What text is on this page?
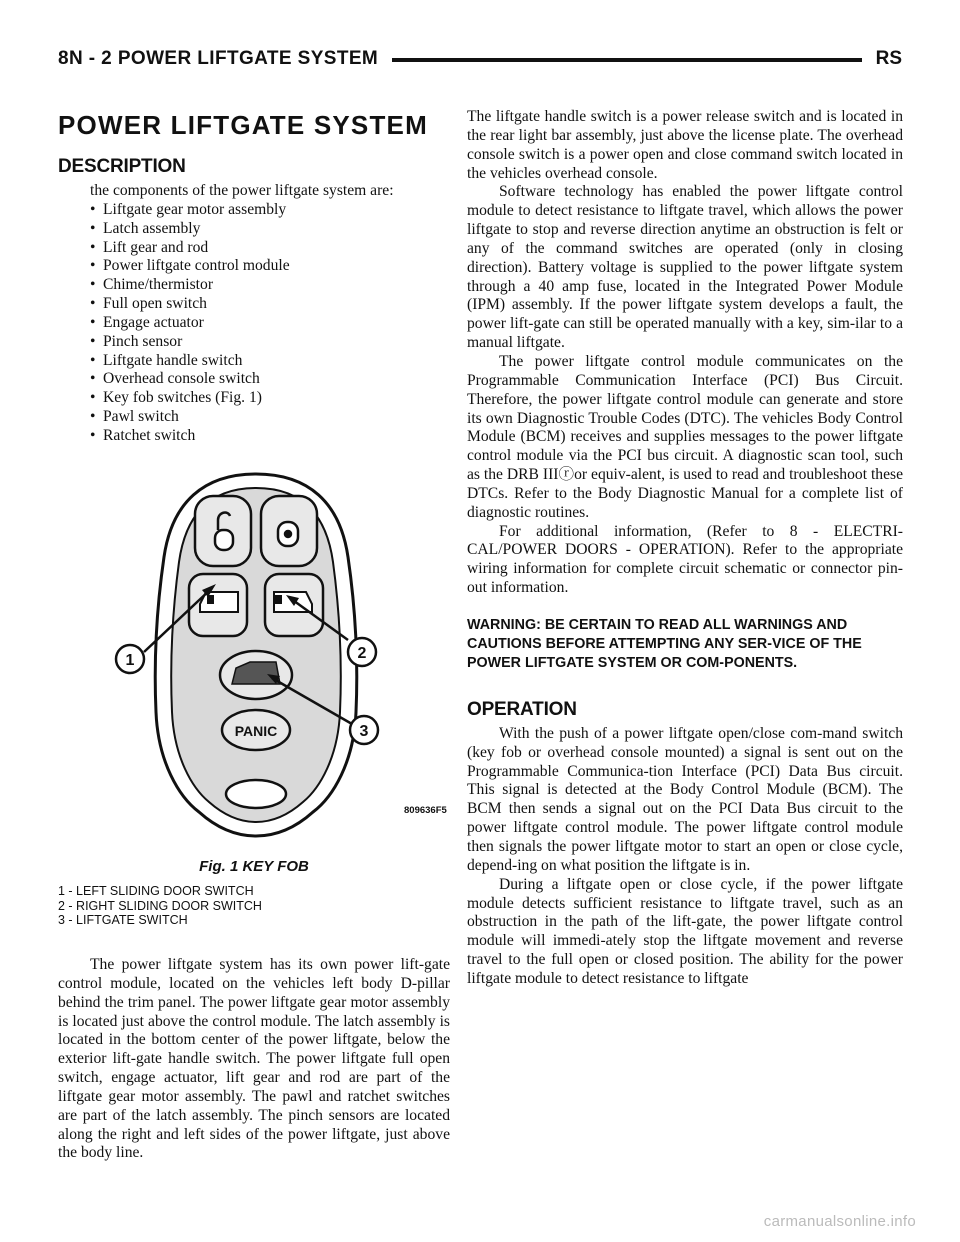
8N - 2 POWER LIFTGATE SYSTEM	RS
POWER LIFTGATE SYSTEM
DESCRIPTION

the components of the power liftgate system are:

• Liftgate gear motor assembly
• Latch assembly
• Lift gear and rod
• Power liftgate control module
• Chime/thermistor
• Full open switch
• Engage actuator
• Pinch sensor
• Liftgate handle switch
• Overhead console switch
• Key fob switches (Fig. 1)
• Pawl switch
• Ratchet switch
PANIC
1	2
3
809636F5
Fig. 1 KEY FOB
1 - LEFT SLIDING DOOR SWITCH
2 - RIGHT SLIDING DOOR SWITCH
3 - LIFTGATE SWITCH

The power liftgate system has its own power lift-gate control module, located on the vehicles left body D-pillar behind the trim panel. The power liftgate gear motor assembly is located just above the control module. The latch assembly is located in the bottom center of the power liftgate, below the exterior lift-gate handle switch. The power liftgate full open switch, engage actuator, lift gear and rod are part of the liftgate gear motor assembly. The pawl and ratchet switches are part of the latch assembly. The pinch sensors are located along the right and left sides of the power liftgate, just above the body line.

The liftgate handle switch is a power release switch and is located in the rear light bar assembly, just above the license plate. The overhead console switch is a power open and close command switch located in the vehicles overhead console.

Software technology has enabled the power liftgate control module to detect resistance to liftgate travel, which allows the power liftgate to stop and reverse direction anytime an obstruction is felt or any of the command switches are operated (only in closing direction). Battery voltage is supplied to the power liftgate system through a 40 amp fuse, located in the Integrated Power Module (IPM) assembly. If the power liftgate system develops a fault, the power lift-gate can still be operated manually with a key, sim-ilar to a manual liftgate.

The power liftgate control module communicates on the Programmable Communication Interface (PCI) Bus Circuit. Therefore, the power liftgate control module can generate and store its own Diagnostic Trouble Codes (DTC). The vehicles Body Control Module (BCM) receives and supplies messages to the power liftgate control module via the PCI bus circuit. A diagnostic scan tool, such as the DRB IIIⓡor equiv-alent, is used to read and troubleshoot these DTCs. Refer to the Body Diagnostic Manual for a complete list of diagnostic routines.

For additional information, (Refer to 8 - ELECTRI-CAL/POWER DOORS - OPERATION). Refer to the appropriate wiring information for complete circuit schematic or connector pin-out information.

WARNING: BE CERTAIN TO READ ALL WARNINGS AND CAUTIONS BEFORE ATTEMPTING ANY SER-VICE OF THE POWER LIFTGATE SYSTEM OR COM-PONENTS.

OPERATION

With the push of a power liftgate open/close com-mand switch (key fob or overhead console mounted) a signal is sent out on the Programmable Communica-tion Interface (PCI) Data Bus circuit. This signal is detected at the Body Control Module (BCM). The BCM then sends a signal out on the PCI Data Bus circuit to the power liftgate control module. The power liftgate control module then signals the power liftgate motor to start an open or close cycle, depend-ing on what position the liftgate is in.

During a liftgate open or close cycle, if the power liftgate module detects sufficient resistance to liftgate travel, such as an obstruction in the path of the lift-gate, the power liftgate control module will immedi-ately stop the liftgate movement and reverse travel to the full open or closed position. The ability for the power liftgate module to detect resistance to liftgate

carmanualsonline.info
